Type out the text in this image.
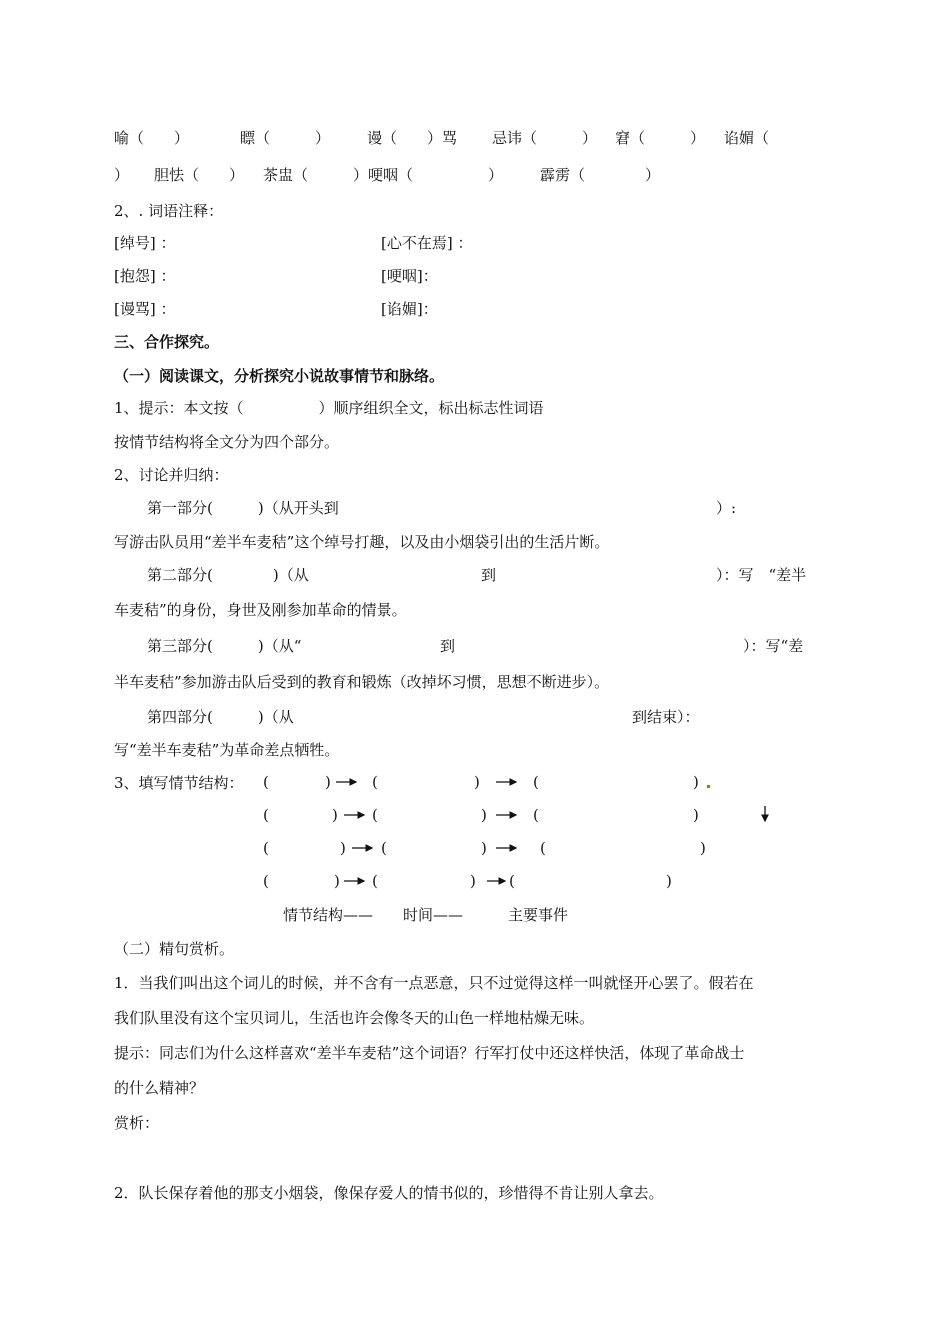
喻（　　）	瞟（　　　） 谩（　　）骂 忌讳（　　　） 窘（　　　） 谄媚（
） 胆怯（　　） 茶盅（　　　）哽咽（　　　　　） 霹雳（　　　　）
2、. 词语注释：
[绰号] ：	[心不在焉] ：
[抱怨] ：	[哽咽]：
[谩骂] ：	[谄媚]：
三、合作探究。
（一）阅读课文，分析探究小说故事情节和脉络。
1、提示：本文按（　　　　　）顺序组织全文，标出标志性词语
按情节结构将全文分为四个部分。
2、讨论并归纳：
第一部分(　　　)（从开头到	）:
写游击队员用“差半车麦秸”这个绰号打趣，以及由小烟袋引出的生活片断。
第二部分(　　　　)（从	到	）：写　“差半
车麦秸”的身份，身世及刚参加革命的情景。
第三部分(　　　)（从“	到	）：写“差
半车麦秸”参加游击队后受到的教育和锻炼（改掉坏习惯，思想不断进步）。
第四部分(　　　)（从	到结束）：
写“差半车麦秸”为革命差点牺牲。
3、填写情节结构： (	)	(	)	(	)
(	) (	)	(	)
(	) (	)	(	)
(	) (	) (	)
情节结构——　　时间——　　　主要事件
（二）精句赏析。
1．当我们叫出这个词儿的时候，并不含有一点恶意，只不过觉得这样一叫就怪开心罢了。假若在
我们队里没有这个宝贝词儿，生活也许会像冬天的山色一样地枯燥无味。
提示：同志们为什么这样喜欢“差半车麦秸”这个词语？行军打仗中还这样快活，体现了革命战士
的什么精神？
赏析：
2．队长保存着他的那支小烟袋，像保存爱人的情书似的，珍惜得不肯让别人拿去。
